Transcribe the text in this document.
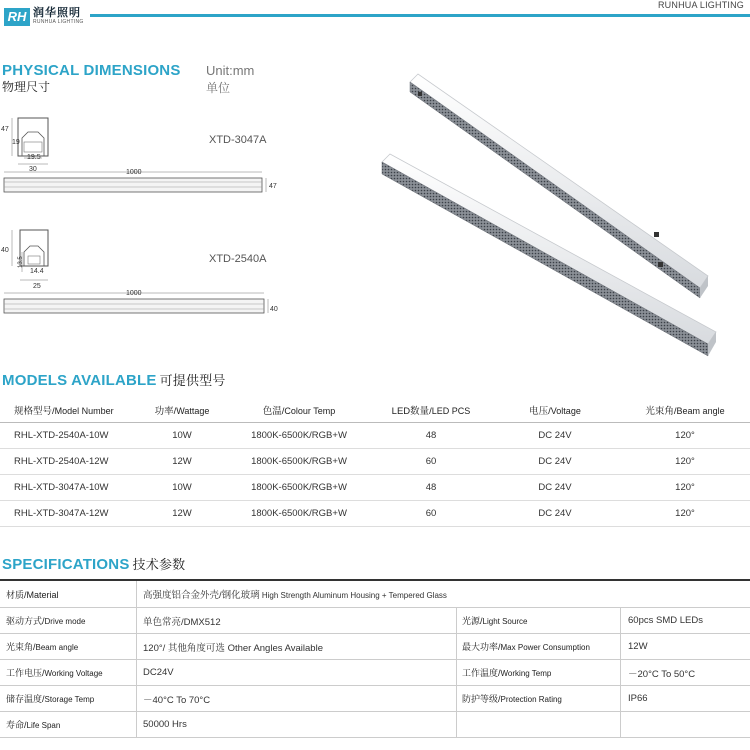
RH 润华照明
RUNHUA LIGHTING
RUNHUA LIGHTING
PHYSICAL DIMENSIONS
物理尺寸
Unit:mm
单位
47
19
19.5
30
XTD-3047A
1000
47
40
13.5
14.4
25
XTD-2540A
1000
40
MODELS AVAILABLE 可提供型号
规格型号/Model Number	功率/Wattage	色温/Colour Temp	LED数量/LED PCS	电压/Voltage	光束角/Beam angle
RHL-XTD-2540A-10W	10W	1800K-6500K/RGB+W	48	DC 24V	120°
RHL-XTD-2540A-12W	12W	1800K-6500K/RGB+W	60	DC 24V	120°
RHL-XTD-3047A-10W	10W	1800K-6500K/RGB+W	48	DC 24V	120°
RHL-XTD-3047A-12W	12W	1800K-6500K/RGB+W	60	DC 24V	120°
SPECIFICATIONS 技术参数
材质/Material	高强度铝合金外壳/钢化玻璃 High Strength Aluminum Housing + Tempered Glass
驱动方式/Drive mode	单色常亮/DMX512	光源/Light Source	60pcs SMD LEDs
光束角/Beam angle	120°/ 其他角度可选 Other Angles Available	最大功率/Max Power Consumption	12W
工作电压/Working Voltage	DC24V	工作温度/Working Temp	－20°C To 50°C
储存温度/Storage Temp	－40°C To 70°C	防护等级/Protection Rating	IP66
寿命/Life Span	50000 Hrs
